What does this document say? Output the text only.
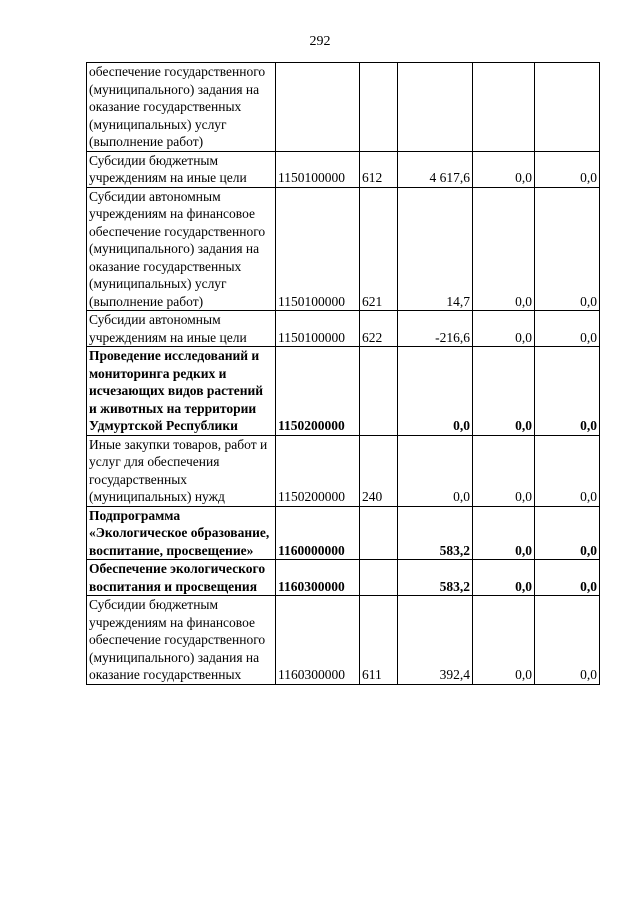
292
обеспечение государственного (муниципального) задания на оказание государственных (муниципальных) услуг (выполнение работ)					
Субсидии бюджетным учреждениям на иные цели	1150100000	612	4 617,6	0,0	0,0
Субсидии автономным учреждениям на финансовое обеспечение государственного (муниципального) задания на оказание государственных (муниципальных) услуг (выполнение работ)	1150100000	621	14,7	0,0	0,0
Субсидии автономным учреждениям на иные цели	1150100000	622	-216,6	0,0	0,0
Проведение исследований и мониторинга редких и исчезающих видов растений и животных на территории Удмуртской Республики	1150200000		0,0	0,0	0,0
Иные закупки товаров, работ и услуг для обеспечения государственных (муниципальных) нужд	1150200000	240	0,0	0,0	0,0
Подпрограмма «Экологическое образование, воспитание, просвещение»	1160000000		583,2	0,0	0,0
Обеспечение экологического воспитания и просвещения	1160300000		583,2	0,0	0,0
Субсидии бюджетным учреждениям на финансовое обеспечение государственного (муниципального) задания на оказание государственных	1160300000	611	392,4	0,0	0,0
